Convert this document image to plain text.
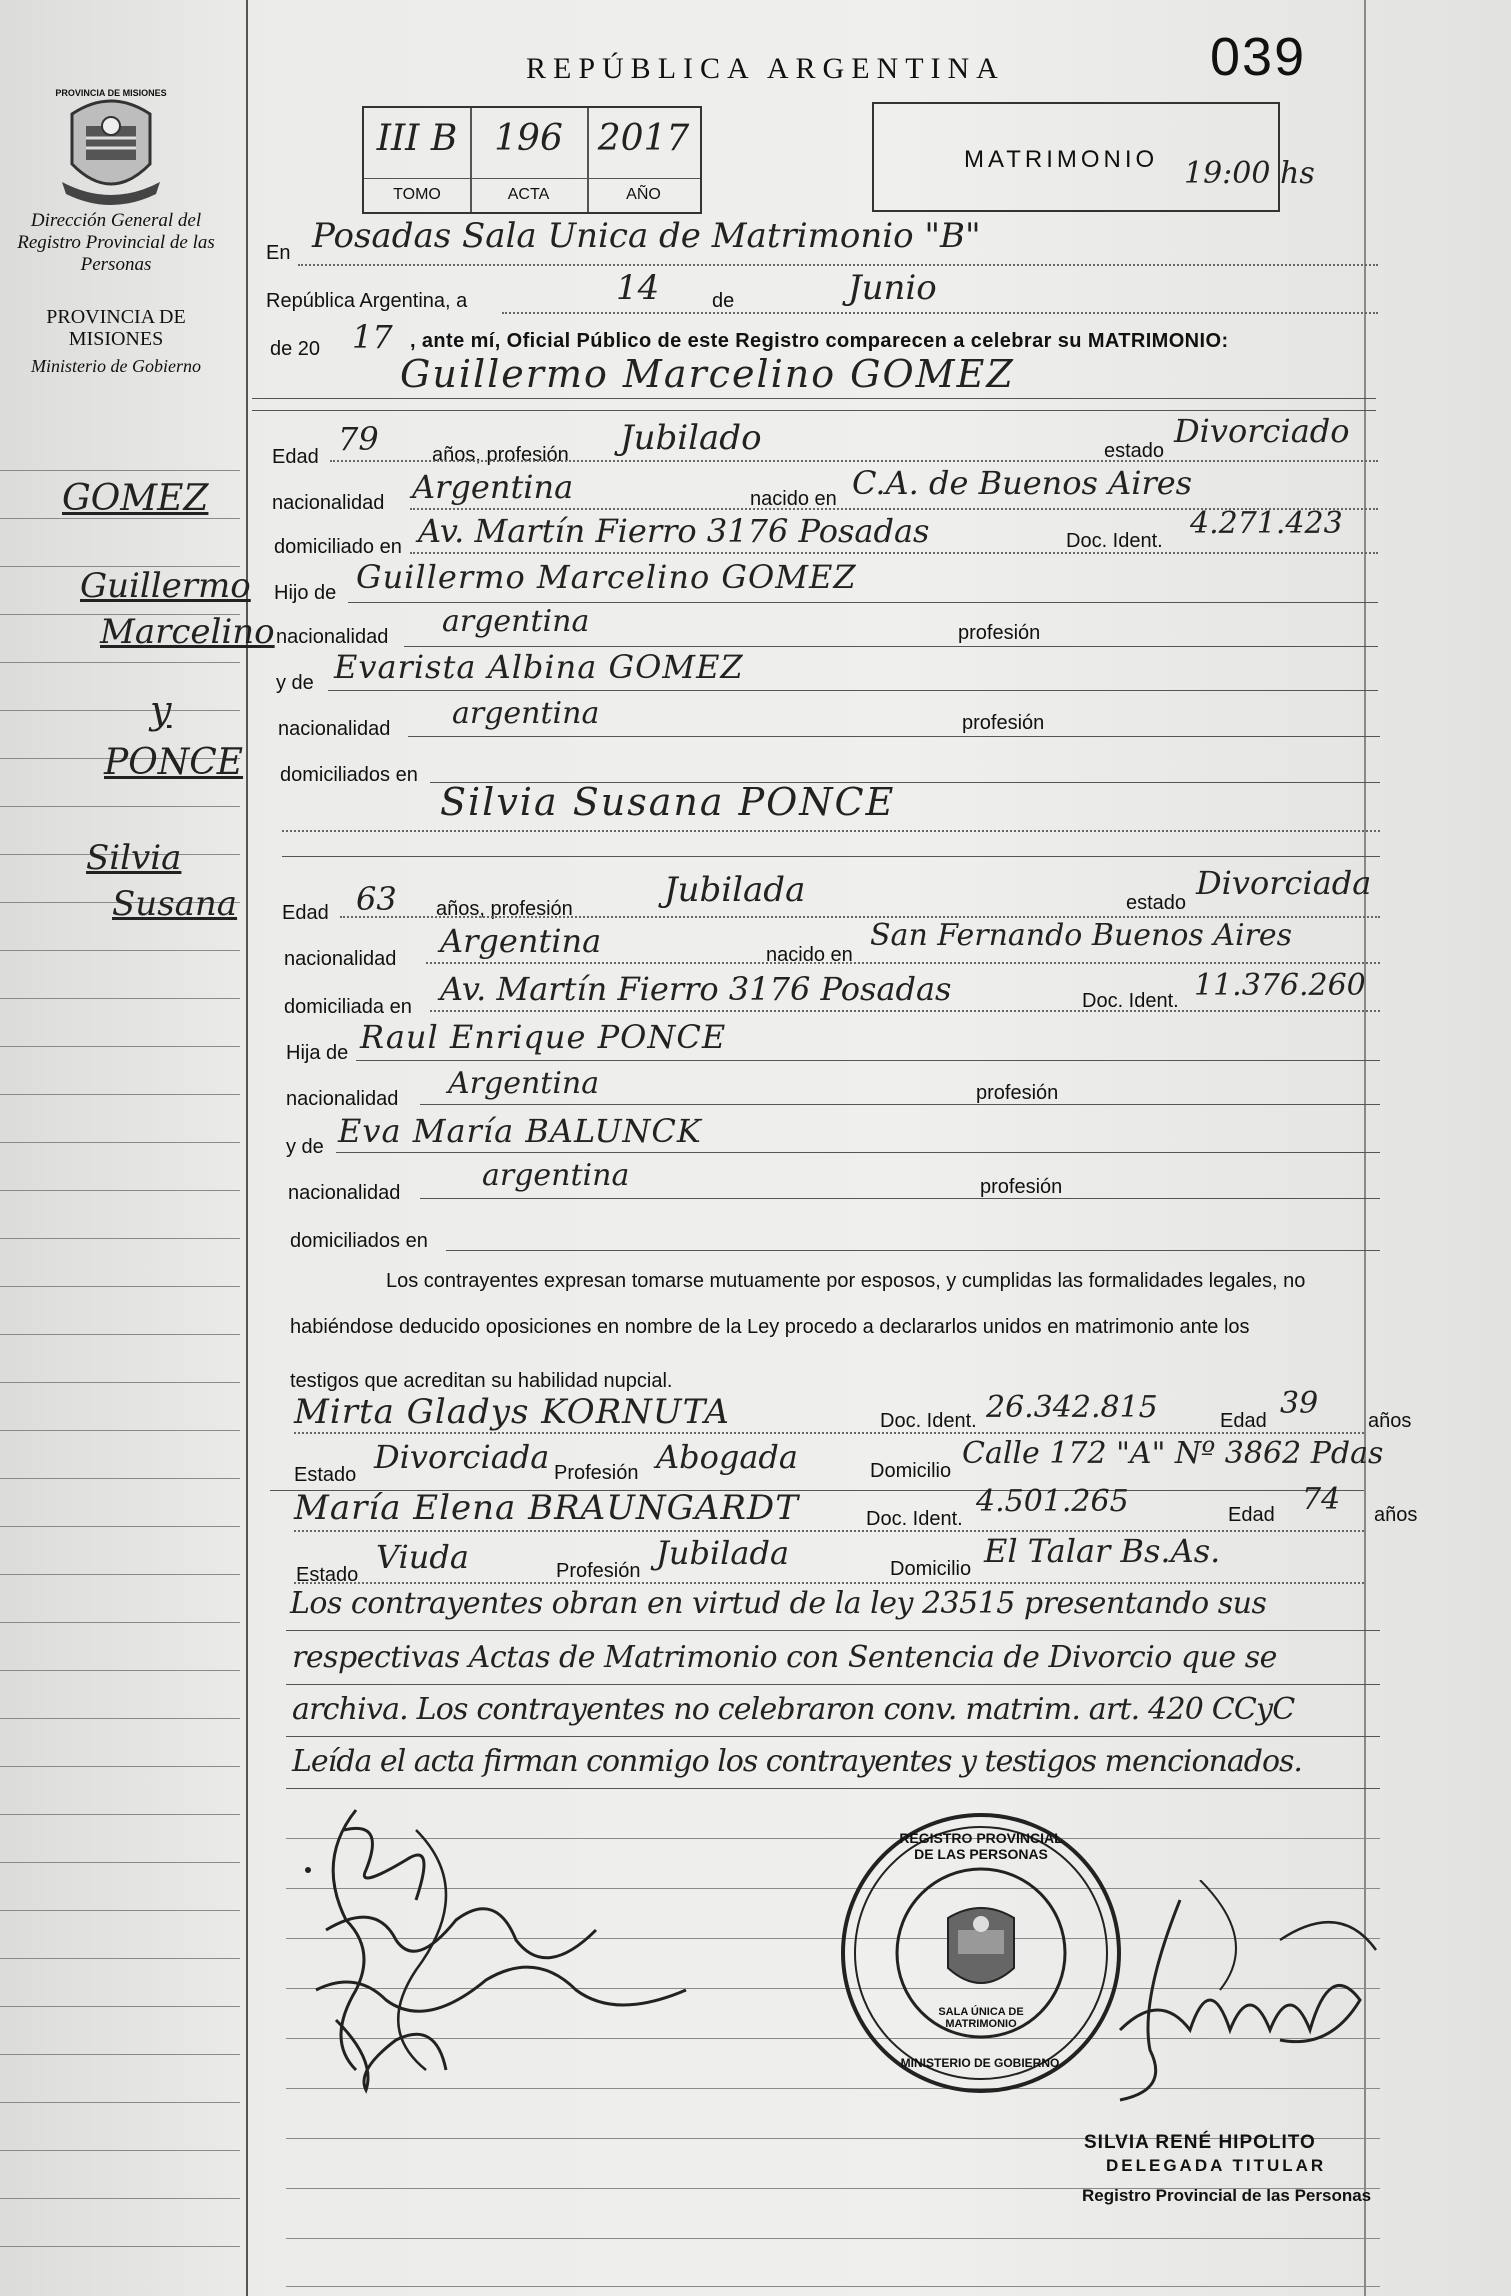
PROVINCIA DE MISIONES
Dirección General del Registro Provincial de las Personas
PROVINCIA DE MISIONES
Ministerio de Gobierno
GOMEZ
Guillermo
Marcelino
y
PONCE
Silvia
Susana
REPÚBLICA ARGENTINA	039
III B	196 2017
TOMO	ACTA	AÑO
MATRIMONIO 19:00 hs
En Posadas Sala Unica de Matrimonio "B"
República Argentina, a	14	de	Junio
de 20 17 , ante mí, Oficial Público de este Registro comparecen a celebrar su MATRIMONIO:
Guillermo Marcelino GOMEZ
Edad 79	años, profesión Jubilado	estado
Divorciado
nacionalidad Argentina	nacido en C.A. de Buenos Aires
domiciliado en Av. Martín Fierro 3176 Posadas	Doc. Ident. 4.271.423
Hijo de Guillermo Marcelino GOMEZ
nacionalidad argentina	profesión
y de Evarista Albina GOMEZ
nacionalidad argentina	profesión
domiciliados en
Silvia Susana PONCE
Edad 63 años, profesión	Jubilada	estado
Divorciada
nacionalidad Argentina	nacido en
San Fernando Buenos Aires
domiciliada en Av. Martín Fierro 3176 Posadas	Doc. Ident. 11.376.260
Hija de Raul Enrique PONCE
nacionalidad Argentina	profesión
y de Eva María BALUNCK
nacionalidad	argentina	profesión
domiciliados en
Los contrayentes expresan tomarse mutuamente por esposos, y cumplidas las formalidades legales, no
habiéndose deducido oposiciones en nombre de la Ley procedo a declararlos unidos en matrimonio ante los
testigos que acreditan su habilidad nupcial.
Mirta Gladys KORNUTA	Doc. Ident. 26.342.815	Edad 39 años
Estado Divorciada Profesión Abogada	Domicilio Calle 172 "A" Nº 3862 Pdas
María Elena BRAUNGARDT	Doc. Ident. 4.501.265	Edad 74 años
Estado Viuda	Profesión Jubilada	Domicilio El Talar Bs.As.
Los contrayentes obran en virtud de la ley 23515 presentando sus
respectivas Actas de Matrimonio con Sentencia de Divorcio que se
archiva. Los contrayentes no celebraron conv. matrim. art. 420 CCyC
Leída el acta firman conmigo los contrayentes y testigos mencionados.
REGISTRO PROVINCIAL DE LAS PERSONAS
SALA ÚNICA DE MATRIMONIO
MINISTERIO DE GOBIERNO
SILVIA RENÉ HIPOLITO
DELEGADA TITULAR
Registro Provincial de las Personas
